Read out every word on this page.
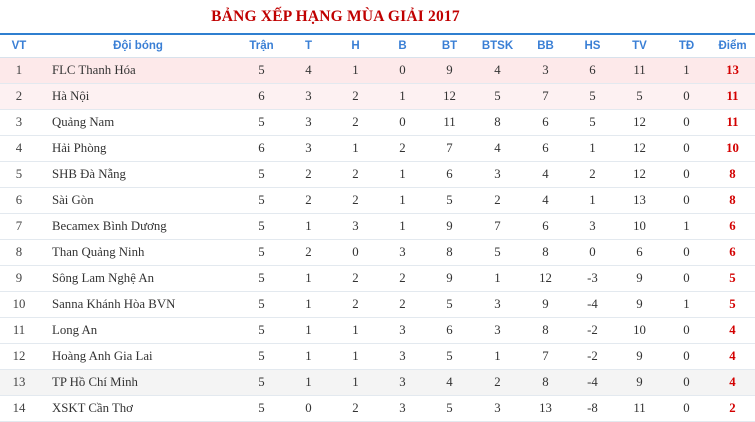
BẢNG XẾP HẠNG MÙA GIẢI 2017
VT	Đội bóng	Trận	T	H	B	BT	BTSK	BB	HS	TV	TĐ	Điểm
1	FLC Thanh Hóa	5	4	1	0	9	4	3	6	11	1	13
2	Hà Nội	6	3	2	1	12	5	7	5	5	0	11
3	Quảng Nam	5	3	2	0	11	8	6	5	12	0	11
4	Hải Phòng	6	3	1	2	7	4	6	1	12	0	10
5	SHB Đà Nẵng	5	2	2	1	6	3	4	2	12	0	8
6	Sài Gòn	5	2	2	1	5	2	4	1	13	0	8
7	Becamex Bình Dương	5	1	3	1	9	7	6	3	10	1	6
8	Than Quảng Ninh	5	2	0	3	8	5	8	0	6	0	6
9	Sông Lam Nghệ An	5	1	2	2	9	1	12	-3	9	0	5
10	Sanna Khánh Hòa BVN	5	1	2	2	5	3	9	-4	9	1	5
11	Long An	5	1	1	3	6	3	8	-2	10	0	4
12	Hoàng Anh Gia Lai	5	1	1	3	5	1	7	-2	9	0	4
13	TP Hồ Chí Minh	5	1	1	3	4	2	8	-4	9	0	4
14	XSKT Cần Thơ	5	0	2	3	5	3	13	-8	11	0	2
